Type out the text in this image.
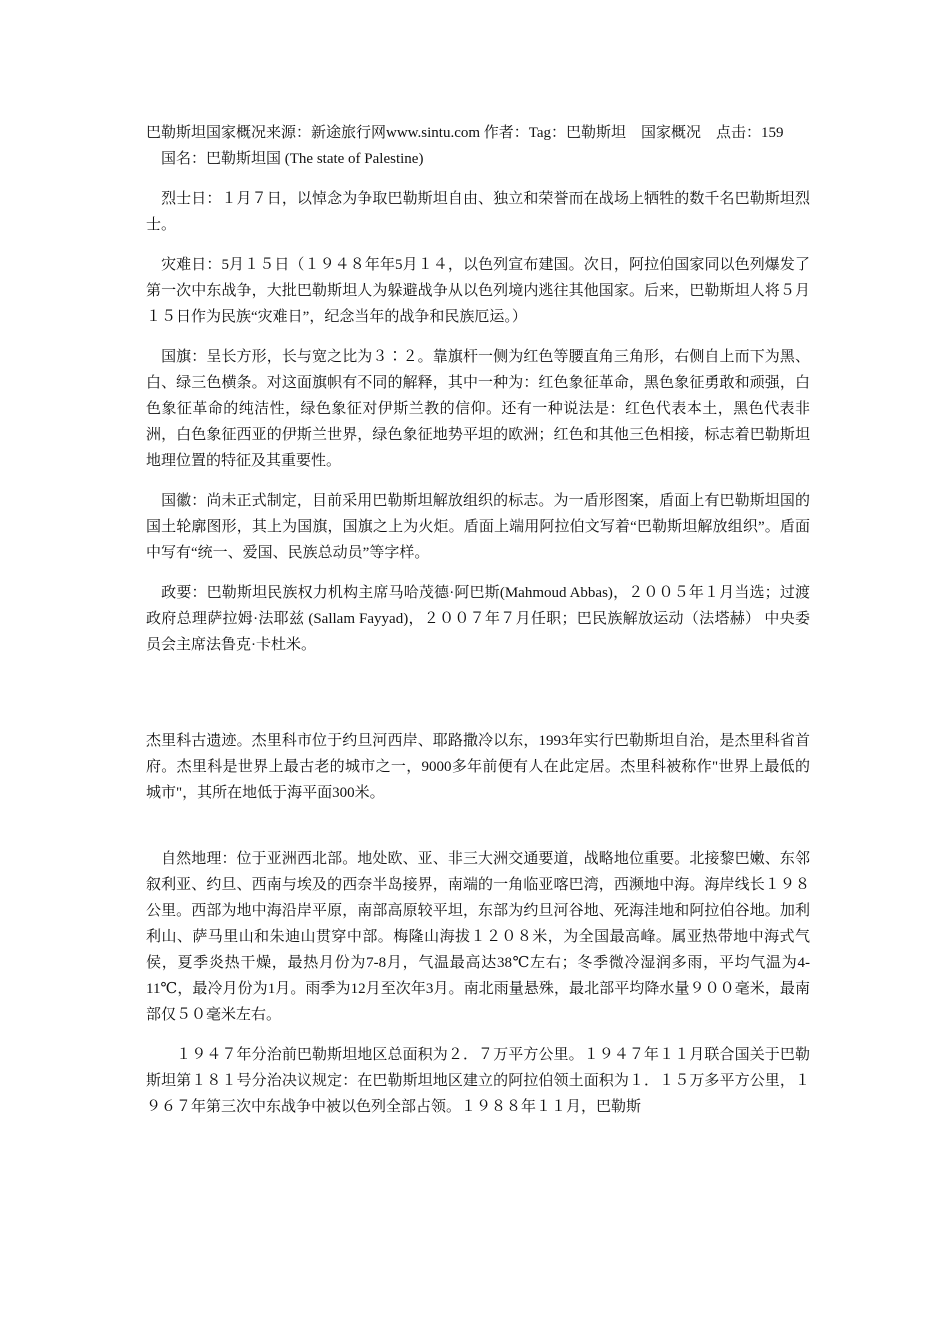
巴勒斯坦国家概况来源：新途旅行网www.sintu.com 作者：Tag：巴勒斯坦　国家概况　点击：159

　国名：巴勒斯坦国 (The state of Palestine)

　烈士日：１月７日，以悼念为争取巴勒斯坦自由、独立和荣誉而在战场上牺牲的数千名巴勒斯坦烈士。

　灾难日：5月１５日（１９４８年年5月１４，以色列宣布建国。次日，阿拉伯国家同以色列爆发了第一次中东战争，大批巴勒斯坦人为躲避战争从以色列境内逃往其他国家。后来，巴勒斯坦人将５月１５日作为民族“灾难日”，纪念当年的战争和民族厄运。）

　国旗：呈长方形，长与宽之比为３∶２。靠旗杆一侧为红色等腰直角三角形，右侧自上而下为黑、白、绿三色横条。对这面旗帜有不同的解释，其中一种为：红色象征革命，黑色象征勇敢和顽强，白色象征革命的纯洁性，绿色象征对伊斯兰教的信仰。还有一种说法是：红色代表本土，黑色代表非洲，白色象征西亚的伊斯兰世界，绿色象征地势平坦的欧洲；红色和其他三色相接，标志着巴勒斯坦地理位置的特征及其重要性。

　国徽：尚未正式制定，目前采用巴勒斯坦解放组织的标志。为一盾形图案，盾面上有巴勒斯坦国的国土轮廓图形，其上为国旗，国旗之上为火炬。盾面上端用阿拉伯文写着“巴勒斯坦解放组织”。盾面中写有“统一、爱国、民族总动员”等字样。

　政要：巴勒斯坦民族权力机构主席马哈茂德·阿巴斯(Mahmoud Abbas)，２００５年１月当选；过渡政府总理萨拉姆·法耶兹 (Sallam Fayyad)，２００７年７月任职；巴民族解放运动（法塔赫） 中央委员会主席法鲁克·卡杜米。

杰里科古遗迹。杰里科市位于约旦河西岸、耶路撒冷以东，1993年实行巴勒斯坦自治，是杰里科省首府。杰里科是世界上最古老的城市之一，9000多年前便有人在此定居。杰里科被称作"世界上最低的城市"，其所在地低于海平面300米。

　自然地理：位于亚洲西北部。地处欧、亚、非三大洲交通要道，战略地位重要。北接黎巴嫩、东邻叙利亚、约旦、西南与埃及的西奈半岛接界，南端的一角临亚喀巴湾，西濒地中海。海岸线长１９８公里。西部为地中海沿岸平原，南部高原较平坦，东部为约旦河谷地、死海洼地和阿拉伯谷地。加利利山、萨马里山和朱迪山贯穿中部。梅隆山海拔１２０８米，为全国最高峰。属亚热带地中海式气侯，夏季炎热干燥，最热月份为7-8月，气温最高达38℃左右；冬季微冷湿润多雨，平均气温为4-11℃，最冷月份为1月。雨季为12月至次年3月。南北雨量悬殊，最北部平均降水量９００毫米，最南部仅５０毫米左右。

　　１９４７年分治前巴勒斯坦地区总面积为２．７万平方公里。１９４７年１１月联合国关于巴勒斯坦第１８１号分治决议规定：在巴勒斯坦地区建立的阿拉伯领土面积为１．１５万多平方公里，１９６７年第三次中东战争中被以色列全部占领。１９８８年１１月，巴勒斯
